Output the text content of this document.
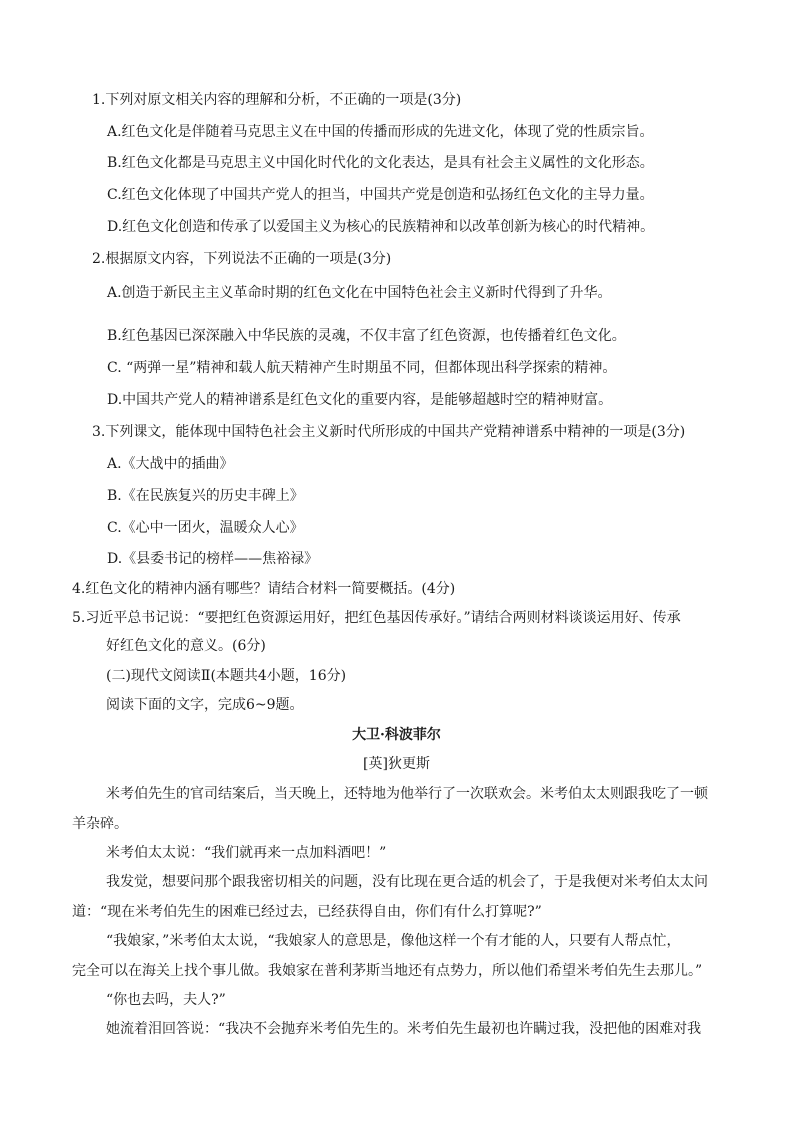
1.下列对原文相关内容的理解和分析，不正确的一项是(3分)
A.红色文化是伴随着马克思主义在中国的传播而形成的先进文化，体现了党的性质宗旨。
B.红色文化都是马克思主义中国化时代化的文化表达，是具有社会主义属性的文化形态。
C.红色文化体现了中国共产党人的担当，中国共产党是创造和弘扬红色文化的主导力量。
D.红色文化创造和传承了以爱国主义为核心的民族精神和以改革创新为核心的时代精神。
2.根据原文内容，下列说法不正确的一项是(3分)
A.创造于新民主主义革命时期的红色文化在中国特色社会主义新时代得到了升华。
B.红色基因已深深融入中华民族的灵魂，不仅丰富了红色资源，也传播着红色文化。
C. “两弹一星”精神和载人航天精神产生时期虽不同，但都体现出科学探索的精神。
D.中国共产党人的精神谱系是红色文化的重要内容，是能够超越时空的精神财富。
3.下列课文，能体现中国特色社会主义新时代所形成的中国共产党精神谱系中精神的一项是(3分)
A.《大战中的插曲》
B.《在民族复兴的历史丰碑上》
C.《心中一团火，温暖众人心》
D.《县委书记的榜样——焦裕禄》
4.红色文化的精神内涵有哪些？请结合材料一简要概括。(4分)
5.习近平总书记说：“要把红色资源运用好，把红色基因传承好。”请结合两则材料谈谈运用好、传承
好红色文化的意义。(6分)
(二)现代文阅读Ⅱ(本题共4小题，16分)
阅读下面的文字，完成6~9题。
大卫·科波菲尔
[英]狄更斯
米考伯先生的官司结案后，当天晚上，还特地为他举行了一次联欢会。米考伯太太则跟我吃了一顿
羊杂碎。
米考伯太太说：“我们就再来一点加料酒吧！”
我发觉，想要问那个跟我密切相关的问题，没有比现在更合适的机会了，于是我便对米考伯太太问
道：“现在米考伯先生的困难已经过去，已经获得自由，你们有什么打算呢?”
“我娘家，”米考伯太太说，“我娘家人的意思是，像他这样一个有才能的人，只要有人帮点忙，
完全可以在海关上找个事儿做。我娘家在普利茅斯当地还有点势力，所以他们希望米考伯先生去那儿。”
“你也去吗，夫人?”
她流着泪回答说：“我决不会抛弃米考伯先生的。米考伯先生最初也许瞒过我，没把他的困难对我
